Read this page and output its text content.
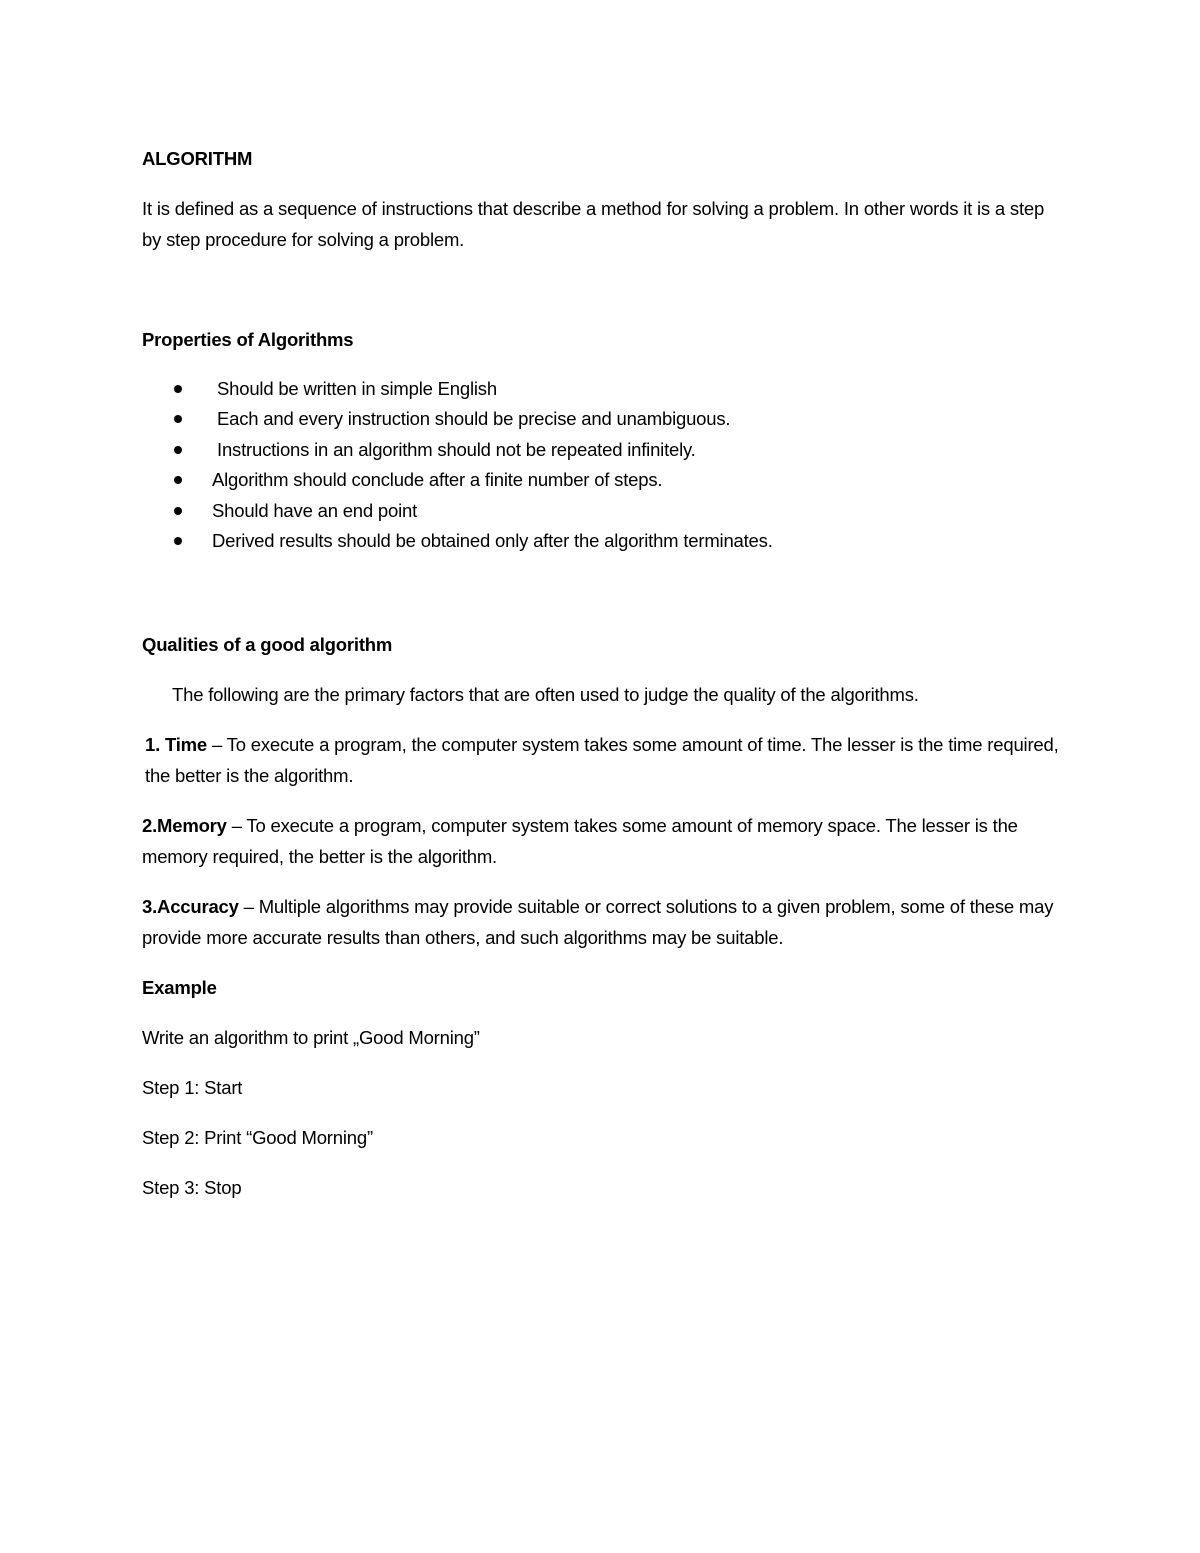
ALGORITHM

It is defined as a sequence of instructions that describe a method for solving a problem. In other words it is a step by step procedure for solving a problem.

Properties of Algorithms

Should be written in simple English
Each and every instruction should be precise and unambiguous.
Instructions in an algorithm should not be repeated infinitely.
Algorithm should conclude after a finite number of steps.
Should have an end point
Derived results should be obtained only after the algorithm terminates.

Qualities of a good algorithm

The following are the primary factors that are often used to judge the quality of the algorithms.

1. Time – To execute a program, the computer system takes some amount of time. The lesser is the time required, the better is the algorithm.

2.Memory – To execute a program, computer system takes some amount of memory space. The lesser is the memory required, the better is the algorithm.

3.Accuracy – Multiple algorithms may provide suitable or correct solutions to a given problem, some of these may provide more accurate results than others, and such algorithms may be suitable.

Example

Write an algorithm to print „Good Morning”

Step 1: Start

Step 2: Print “Good Morning”

Step 3: Stop
